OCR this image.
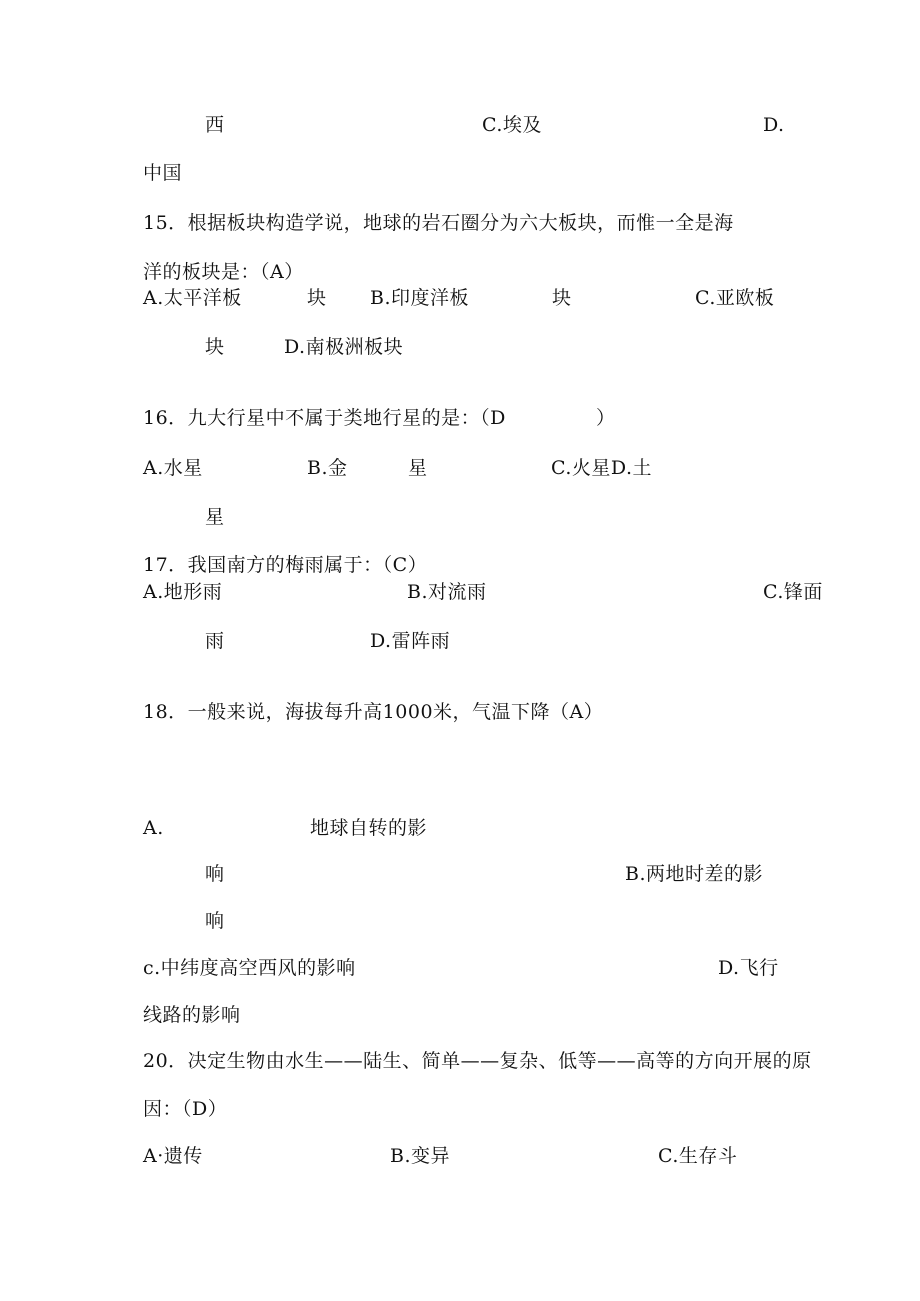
西	C.埃及	D.
中国
15．根据板块构造学说，地球的岩石圈分为六大板块，而惟一全是海
洋的板块是：（A）
A.太平洋板	块 B.印度洋板	块	C.亚欧板
块	D.南极洲板块
16．九大行星中不属于类地行星的是：（D	）
A.水星	B.金	星	C.火星D.土
星
17．我国南方的梅雨属于：（C）
A.地形雨	B.对流雨	C.锋面
雨	D.雷阵雨
18．一般来说，海拔每升高1000米，气温下降（A）
A.	地球自转的影
响	B.两地时差的影
响
c.中纬度高空西风的影响	D.飞行
线路的影响
20．决定生物由水生——陆生、简单——复杂、低等——高等的方向开展的原
因：（D）
A·遗传	B.变异	C.生存斗
